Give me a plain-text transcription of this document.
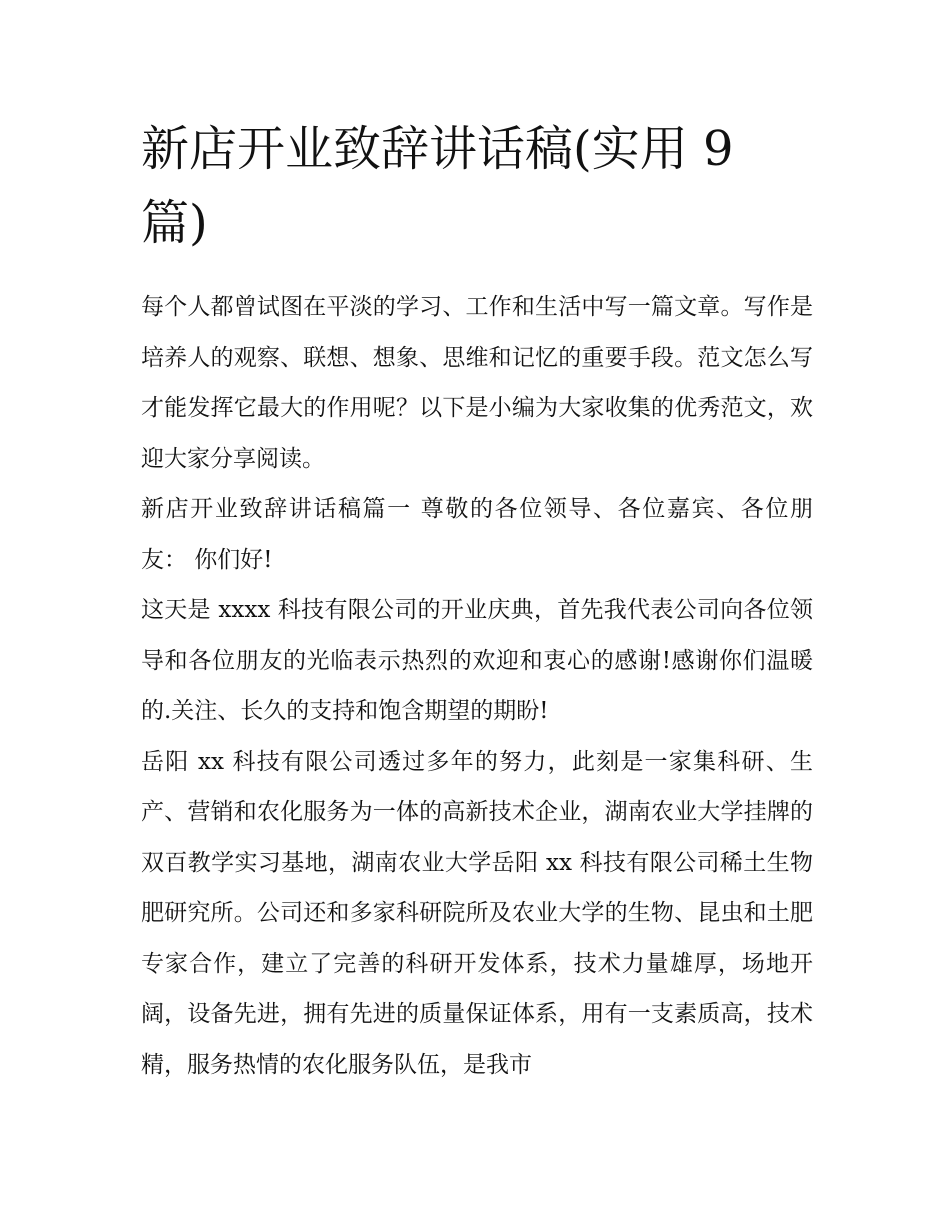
新店开业致辞讲话稿(实用 9 篇)

每个人都曾试图在平淡的学习、工作和生活中写一篇文章。写作是培养人的观察、联想、想象、思维和记忆的重要手段。范文怎么写才能发挥它最大的作用呢？以下是小编为大家收集的优秀范文，欢迎大家分享阅读。

新店开业致辞讲话稿篇一 尊敬的各位领导、各位嘉宾、各位朋友： 你们好!

这天是 xxxx 科技有限公司的开业庆典，首先我代表公司向各位领导和各位朋友的光临表示热烈的欢迎和衷心的感谢!感谢你们温暖的.关注、长久的支持和饱含期望的期盼!

岳阳 xx 科技有限公司透过多年的努力，此刻是一家集科研、生产、营销和农化服务为一体的高新技术企业，湖南农业大学挂牌的双百教学实习基地，湖南农业大学岳阳 xx 科技有限公司稀土生物肥研究所。公司还和多家科研院所及农业大学的生物、昆虫和土肥专家合作，建立了完善的科研开发体系，技术力量雄厚，场地开阔，设备先进，拥有先进的质量保证体系，用有一支素质高，技术精，服务热情的农化服务队伍，是我市
